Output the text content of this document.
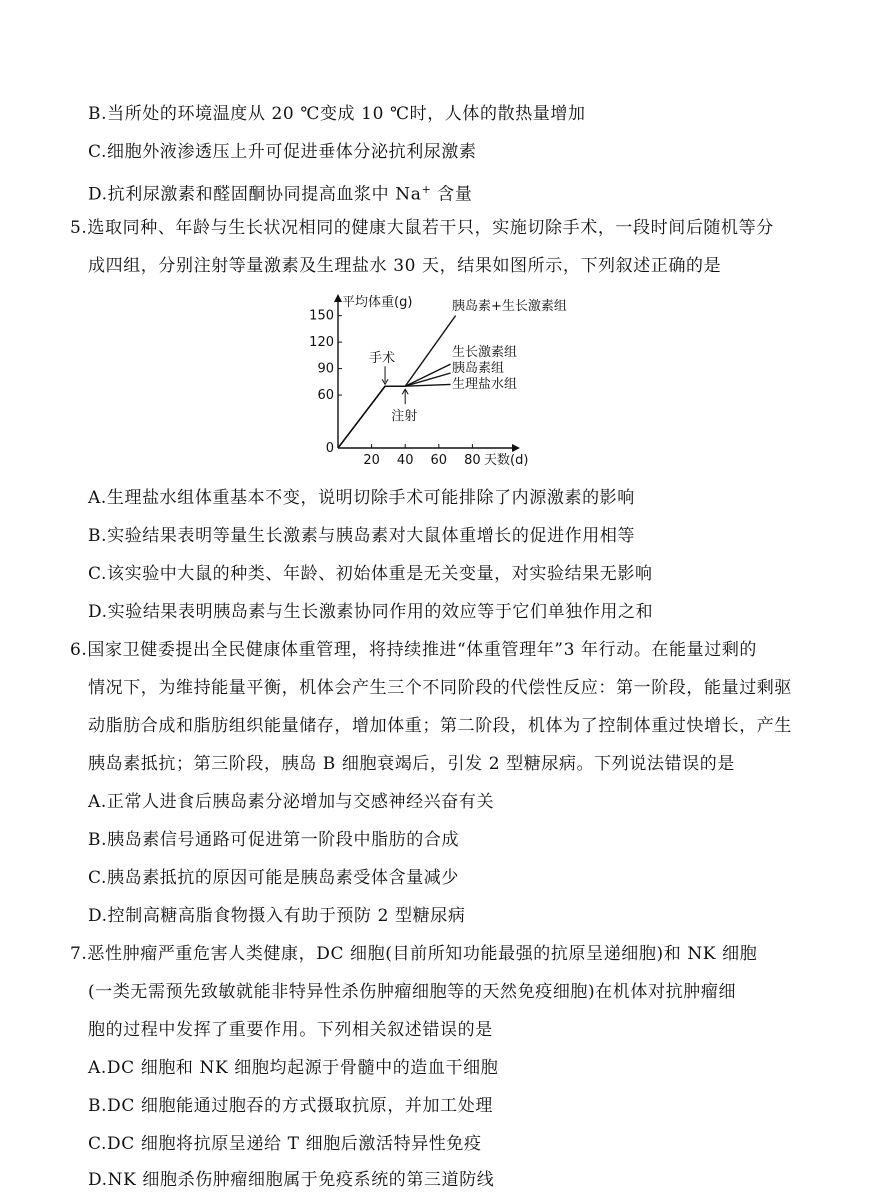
B.当所处的环境温度从 20 ℃变成 10 ℃时，人体的散热量增加
C.细胞外液渗透压上升可促进垂体分泌抗利尿激素
D.抗利尿激素和醛固酮协同提高血浆中 Na+ 含量
5.选取同种、年龄与生长状况相同的健康大鼠若干只，实施切除手术，一段时间后随机等分
成四组，分别注射等量激素及生理盐水 30 天，结果如图所示，下列叙述正确的是
平均体重(g)
天数(d)
手术
注射
0
60
90
120
150
20 40 60 80
胰岛素+生长激素组
生长激素组
胰岛素组
生理盐水组
A.生理盐水组体重基本不变，说明切除手术可能排除了内源激素的影响
B.实验结果表明等量生长激素与胰岛素对大鼠体重增长的促进作用相等
C.该实验中大鼠的种类、年龄、初始体重是无关变量，对实验结果无影响
D.实验结果表明胰岛素与生长激素协同作用的效应等于它们单独作用之和
6.国家卫健委提出全民健康体重管理，将持续推进“体重管理年”3 年行动。在能量过剩的
情况下，为维持能量平衡，机体会产生三个不同阶段的代偿性反应：第一阶段，能量过剩驱
动脂肪合成和脂肪组织能量储存，增加体重；第二阶段，机体为了控制体重过快增长，产生
胰岛素抵抗；第三阶段，胰岛 B 细胞衰竭后，引发 2 型糖尿病。下列说法错误的是
A.正常人进食后胰岛素分泌增加与交感神经兴奋有关
B.胰岛素信号通路可促进第一阶段中脂肪的合成
C.胰岛素抵抗的原因可能是胰岛素受体含量减少
D.控制高糖高脂食物摄入有助于预防 2 型糖尿病
7.恶性肿瘤严重危害人类健康，DC 细胞(目前所知功能最强的抗原呈递细胞)和 NK 细胞
(一类无需预先致敏就能非特异性杀伤肿瘤细胞等的天然免疫细胞)在机体对抗肿瘤细
胞的过程中发挥了重要作用。下列相关叙述错误的是
A.DC 细胞和 NK 细胞均起源于骨髓中的造血干细胞
B.DC 细胞能通过胞吞的方式摄取抗原，并加工处理
C.DC 细胞将抗原呈递给 T 细胞后激活特异性免疫
D.NK 细胞杀伤肿瘤细胞属于免疫系统的第三道防线
